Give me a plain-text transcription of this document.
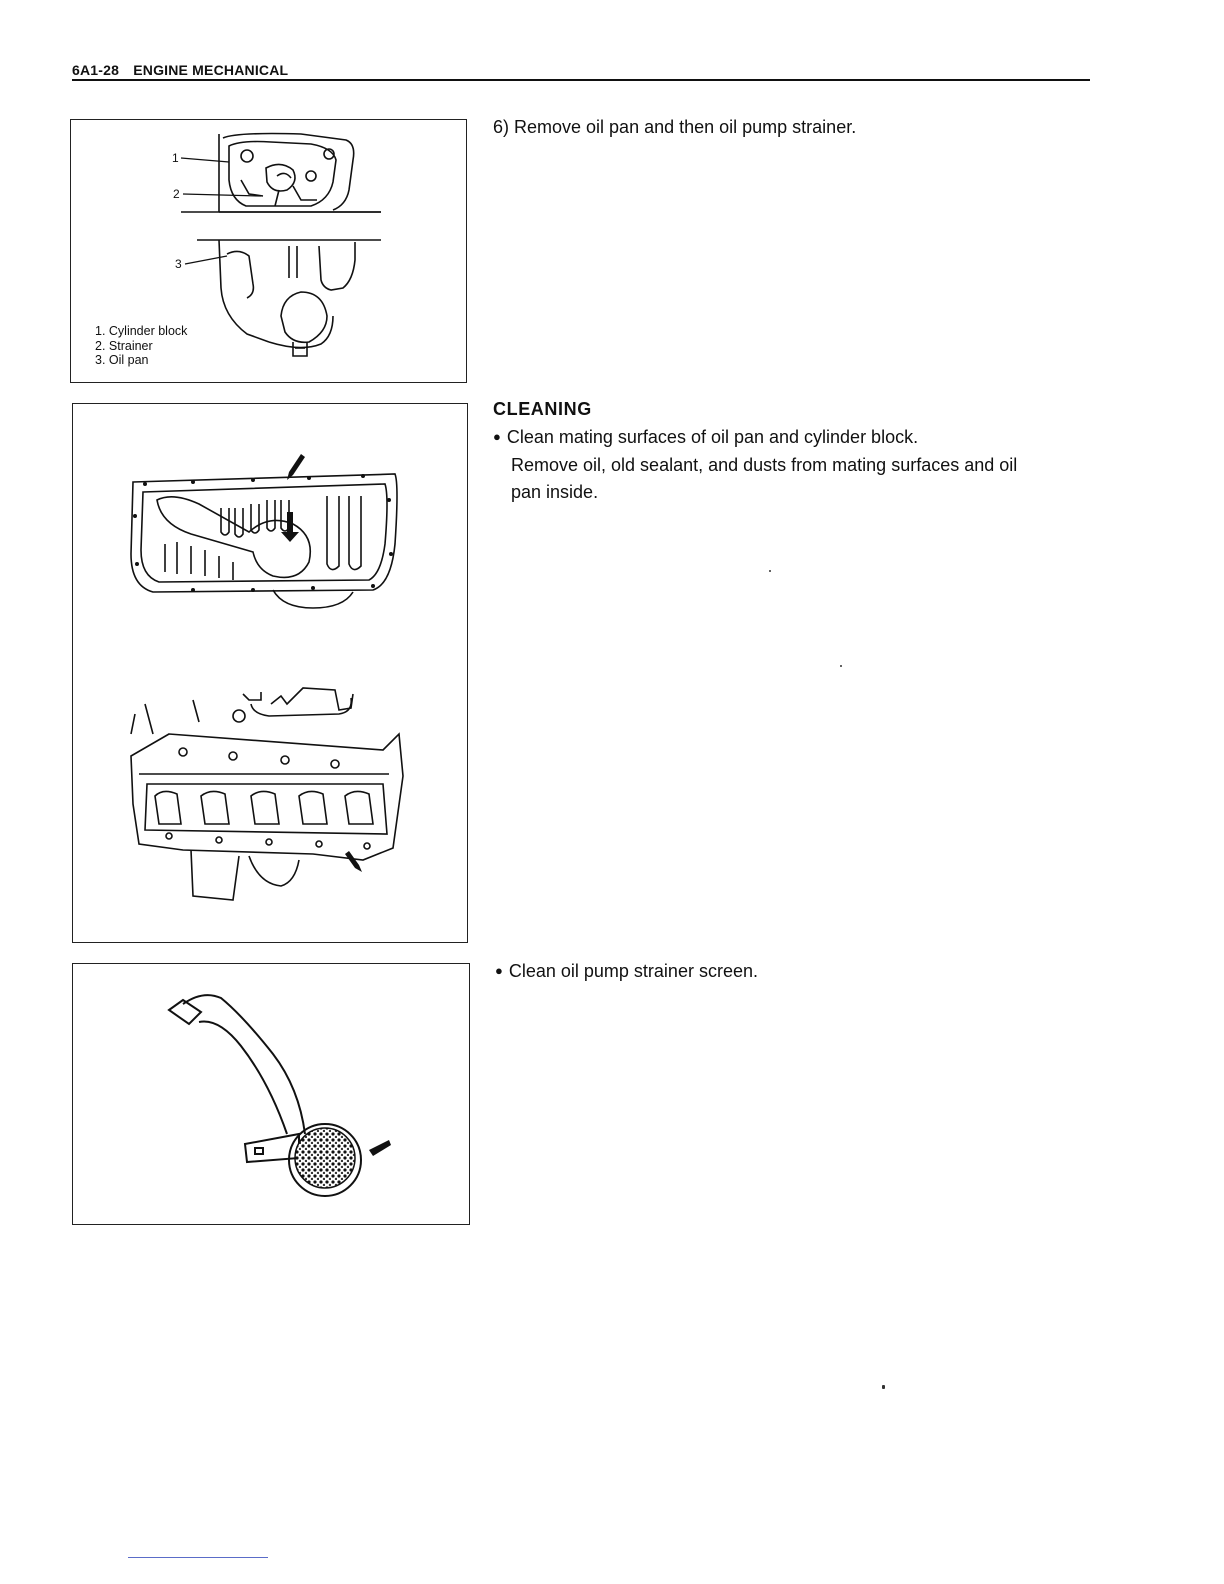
6A1-28 ENGINE MECHANICAL
1
2
3
1. Cylinder block
2. Strainer
3. Oil pan
6) Remove oil pan and then oil pump strainer.
CLEANING
● Clean mating surfaces of oil pan and cylinder block.
Remove oil, old sealant, and dusts from mating surfaces and oil
pan inside.
● Clean oil pump strainer screen.
